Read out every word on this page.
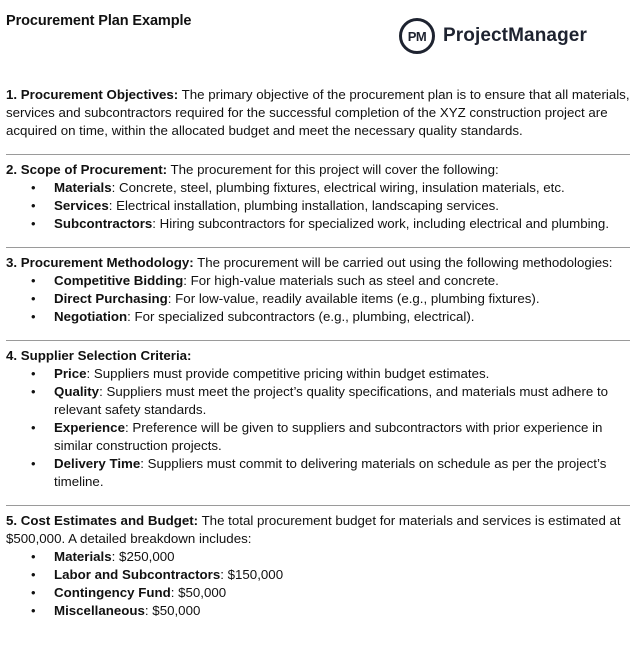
Procurement Plan Example
PM ProjectManager

1. Procurement Objectives: The primary objective of the procurement plan is to ensure that all materials, services and subcontractors required for the successful completion of the XYZ construction project are acquired on time, within the allocated budget and meet the necessary quality standards.

2. Scope of Procurement: The procurement for this project will cover the following:

• Materials: Concrete, steel, plumbing fixtures, electrical wiring, insulation materials, etc.
• Services: Electrical installation, plumbing installation, landscaping services.
• Subcontractors: Hiring subcontractors for specialized work, including electrical and plumbing.

3. Procurement Methodology: The procurement will be carried out using the following methodologies:

• Competitive Bidding: For high-value materials such as steel and concrete.
• Direct Purchasing: For low-value, readily available items (e.g., plumbing fixtures).
• Negotiation: For specialized subcontractors (e.g., plumbing, electrical).

4. Supplier Selection Criteria:

• Price: Suppliers must provide competitive pricing within budget estimates.
• Quality: Suppliers must meet the project’s quality specifications, and materials must adhere to relevant safety standards.
• Experience: Preference will be given to suppliers and subcontractors with prior experience in similar construction projects.
• Delivery Time: Suppliers must commit to delivering materials on schedule as per the project’s timeline.

5. Cost Estimates and Budget: The total procurement budget for materials and services is estimated at $500,000. A detailed breakdown includes:

• Materials: $250,000
• Labor and Subcontractors: $150,000
• Contingency Fund: $50,000
• Miscellaneous: $50,000
